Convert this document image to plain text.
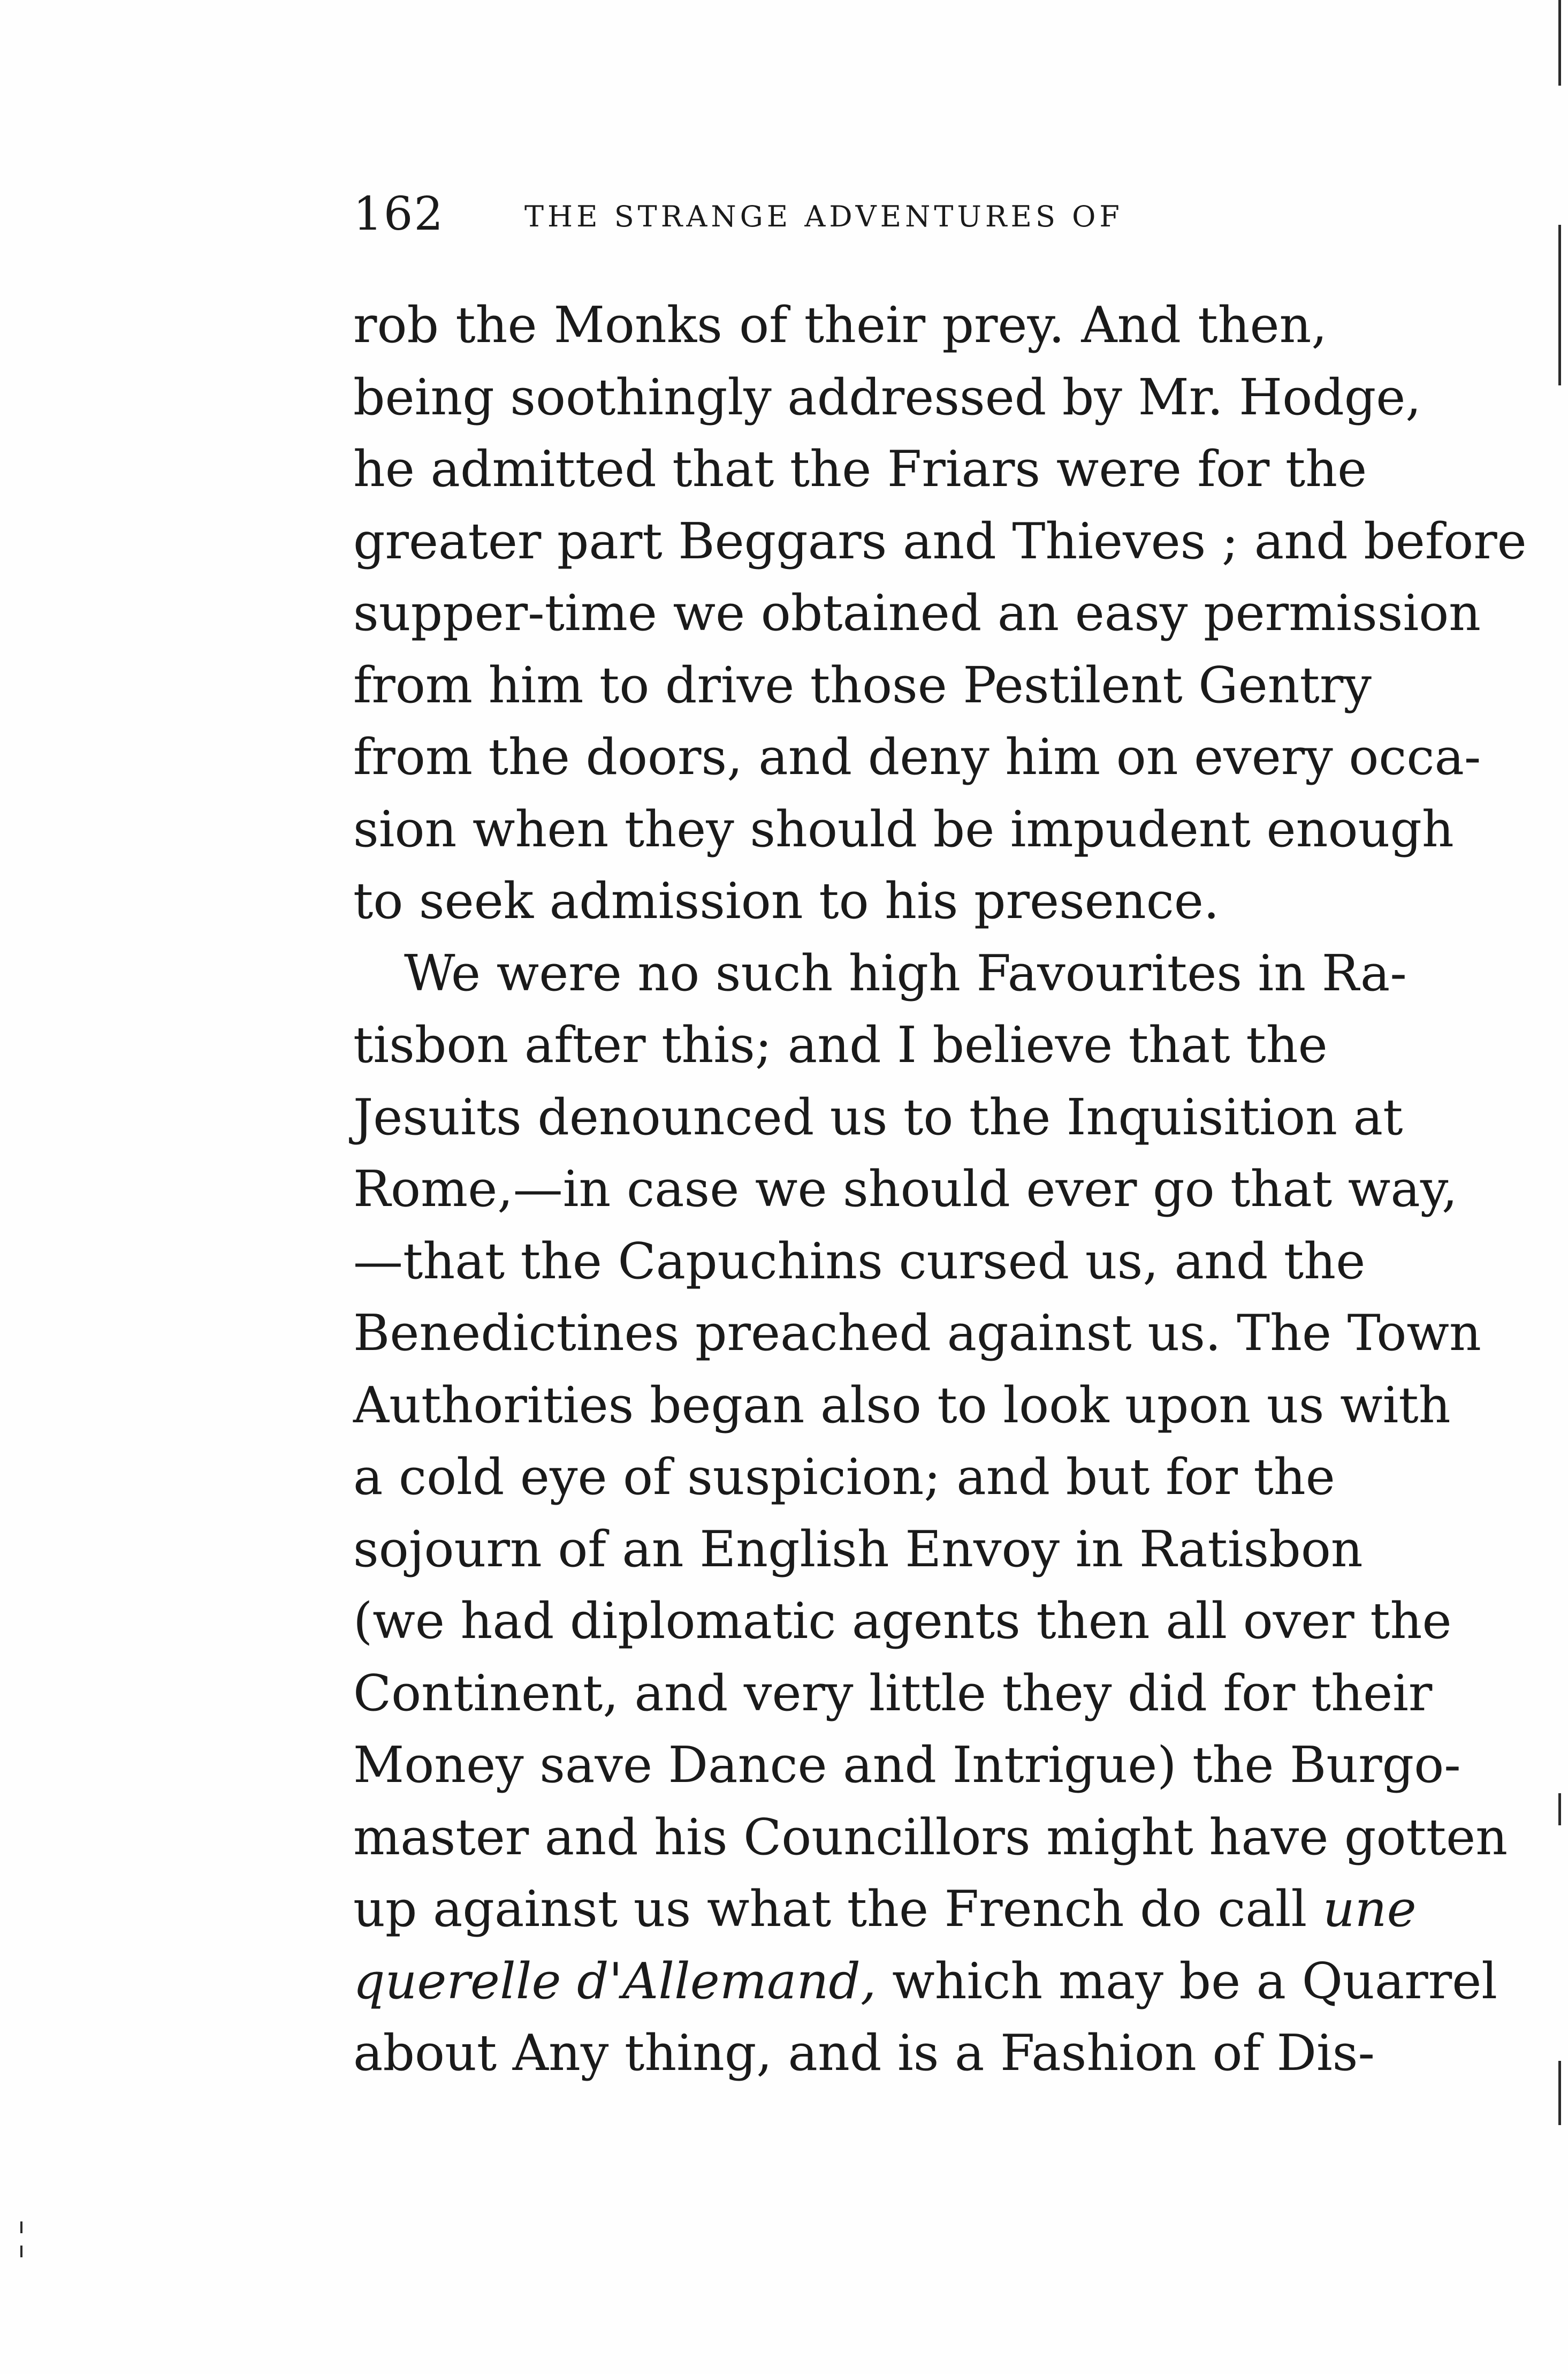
162	THE STRANGE ADVENTURES OF
rob the Monks of their prey. And then,
being soothingly addressed by Mr. Hodge,
he admitted that the Friars were for the
greater part Beggars and Thieves ; and before
supper-time we obtained an easy permission
from him to drive those Pestilent Gentry
from the doors, and deny him on every occa-
sion when they should be impudent enough
to seek admission to his presence.
We were no such high Favourites in Ra-
tisbon after this; and I believe that the
Jesuits denounced us to the Inquisition at
Rome,—in case we should ever go that way,
—that the Capuchins cursed us, and the
Benedictines preached against us. The Town
Authorities began also to look upon us with
a cold eye of suspicion; and but for the
sojourn of an English Envoy in Ratisbon
(we had diplomatic agents then all over the
Continent, and very little they did for their
Money save Dance and Intrigue) the Burgo-
master and his Councillors might have gotten
up against us what the French do call une
querelle d'Allemand, which may be a Quarrel
about Any thing, and is a Fashion of Dis-
